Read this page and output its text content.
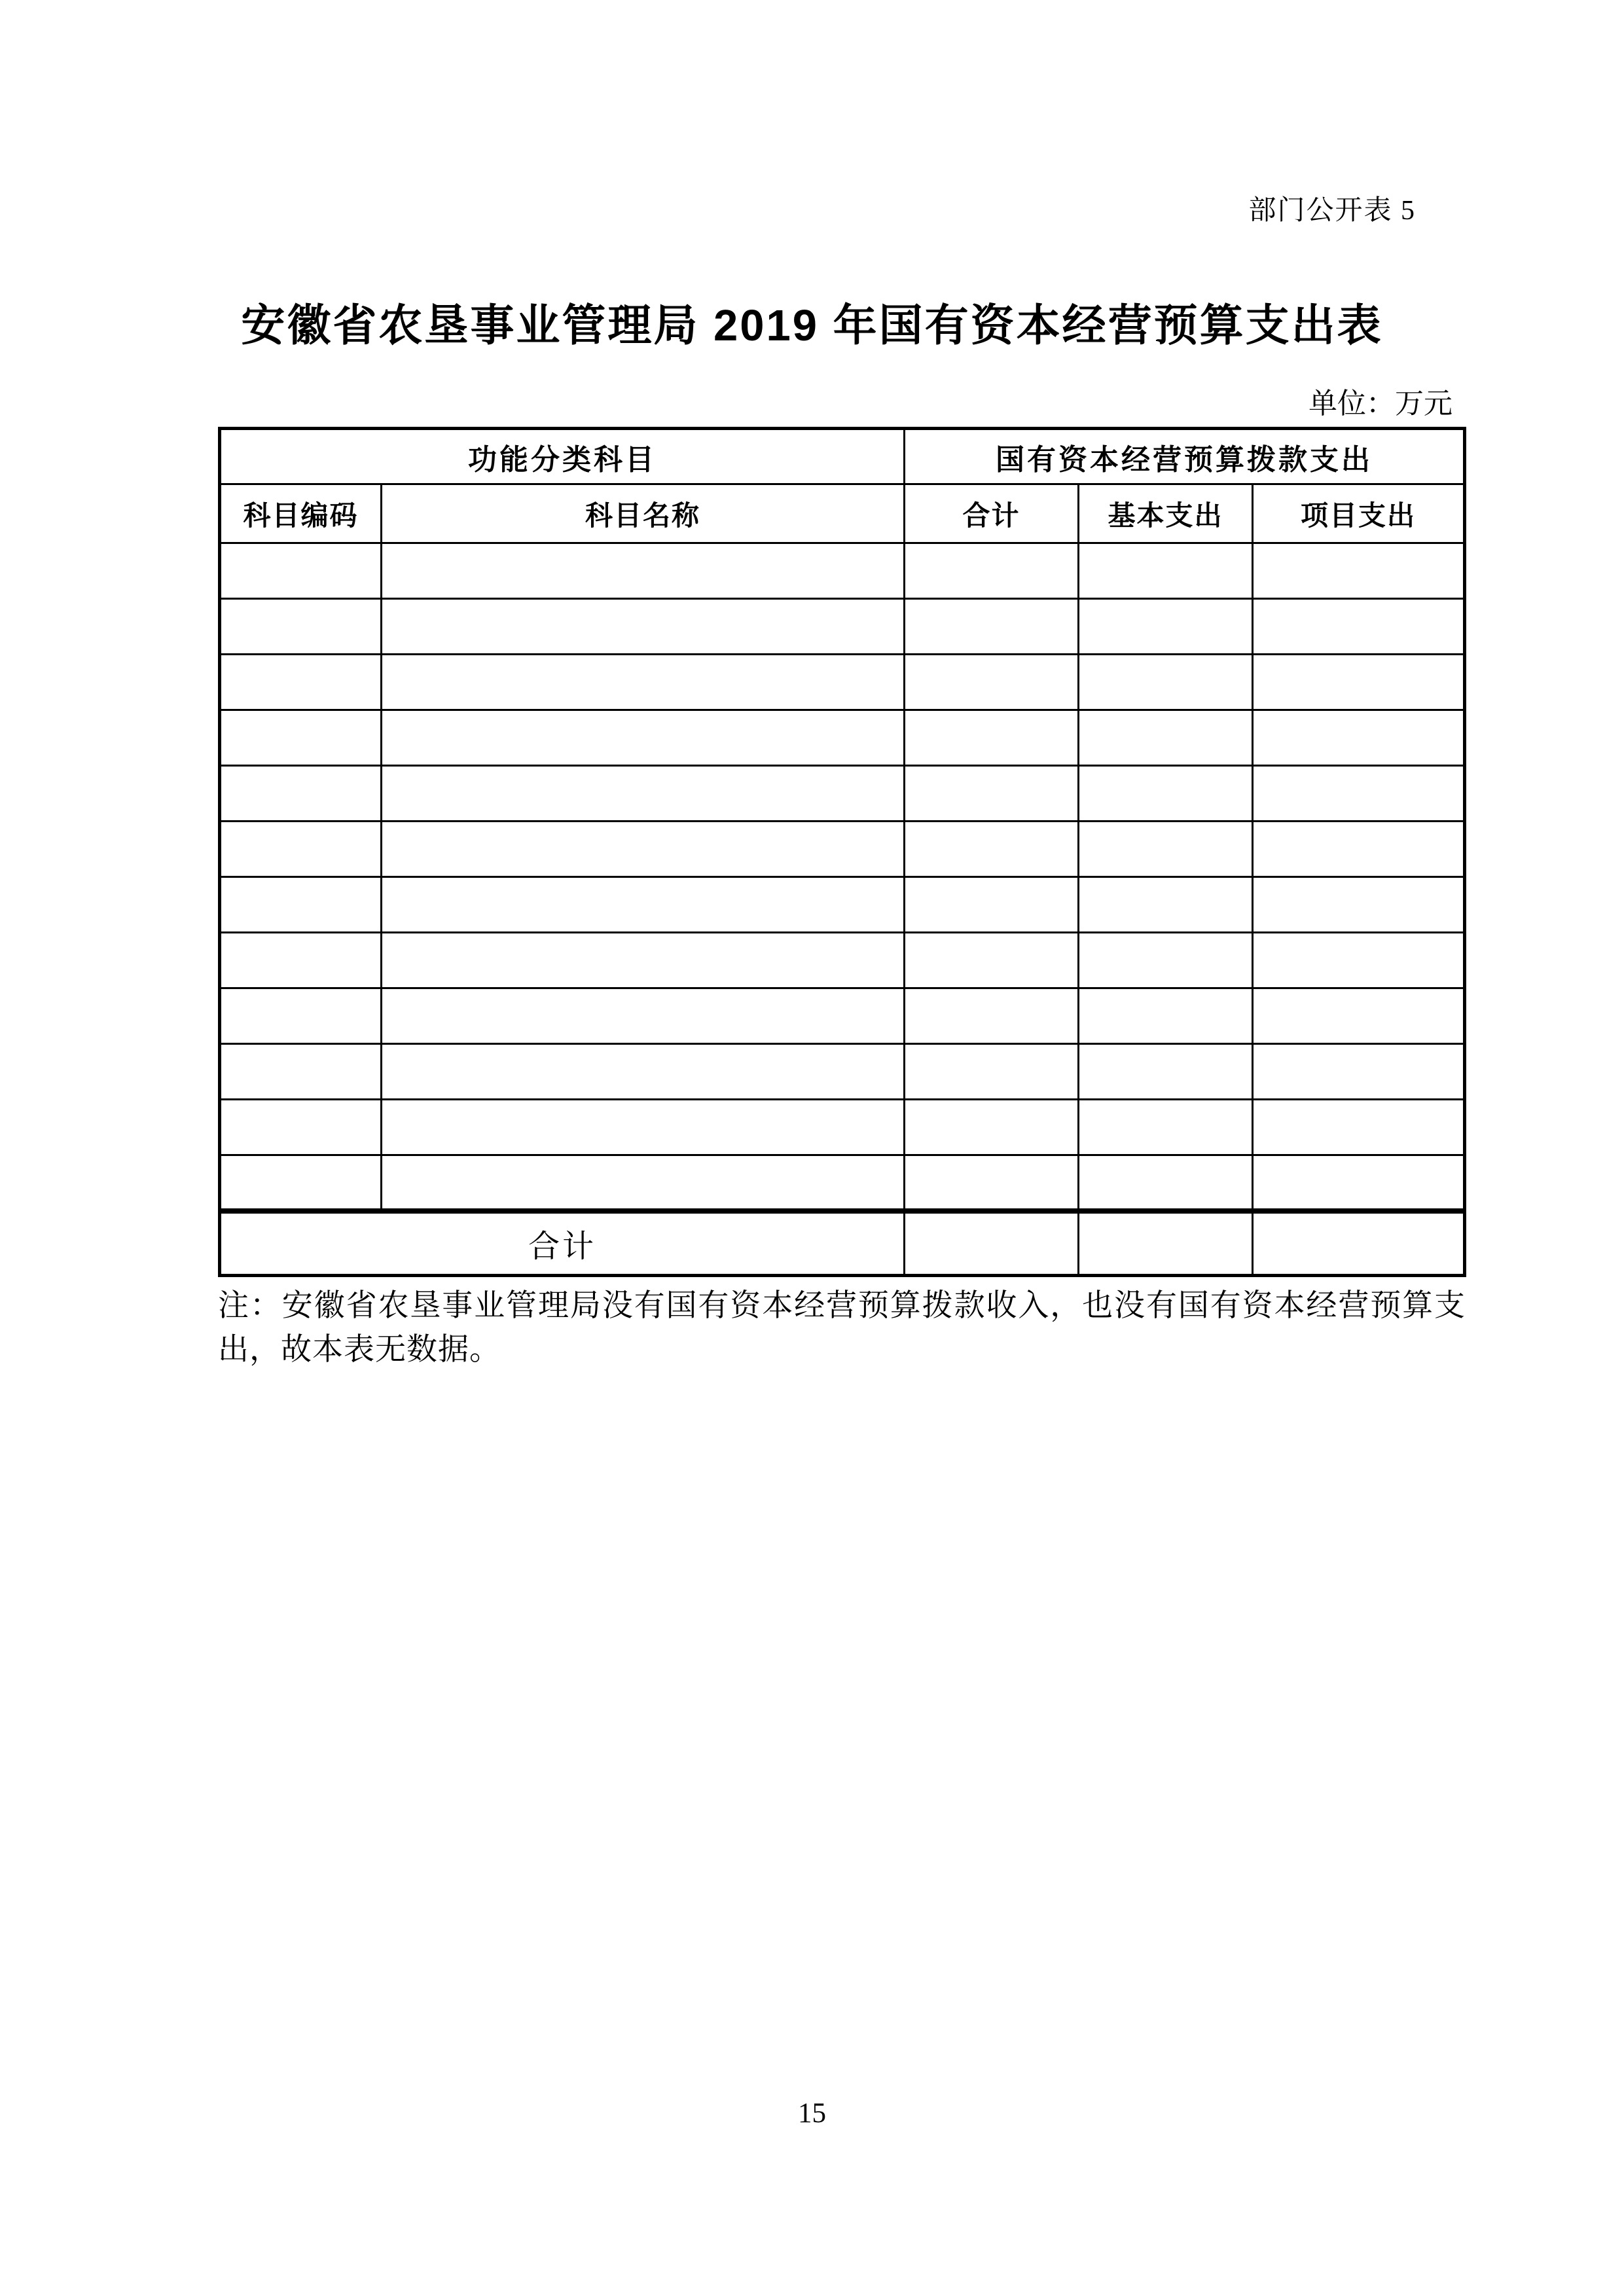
部门公开表 5
安徽省农垦事业管理局 2019 年国有资本经营预算支出表
单位：万元
功能分类科目		国有资本经营预算拨款支出		
科目编码	科目名称	合计	基本支出	项目支出

合计				

注：安徽省农垦事业管理局没有国有资本经营预算拨款收入，也没有国有资本经营预算支出，故本表无数据。

15
